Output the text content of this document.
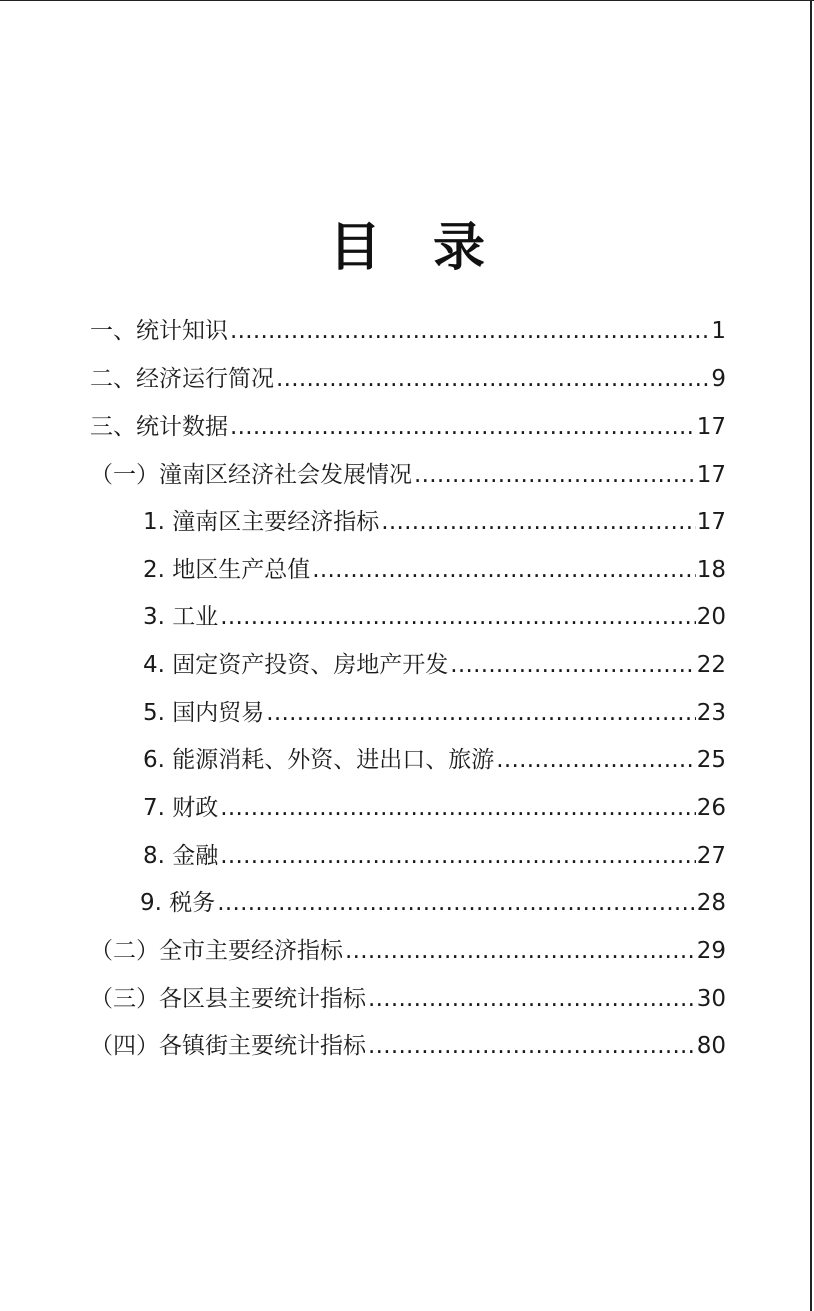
目　录
一、统计知识 .....	1
二、经济运行简况 .....	9
三、统计数据 .....	17
（一）潼南区经济社会发展情况 .....	17
1. 潼南区主要经济指标 .....	17
2. 地区生产总值 .....	18
3. 工业 .....	20
4. 固定资产投资、房地产开发 .....	22
5. 国内贸易 .....	23
6. 能源消耗、外资、进出口、旅游 .....	25
7. 财政 .....	26
8. 金融 .....	27
9. 税务 .....	28
（二）全市主要经济指标 .....	29
（三）各区县主要统计指标 .....	30
（四）各镇街主要统计指标 .....	80
